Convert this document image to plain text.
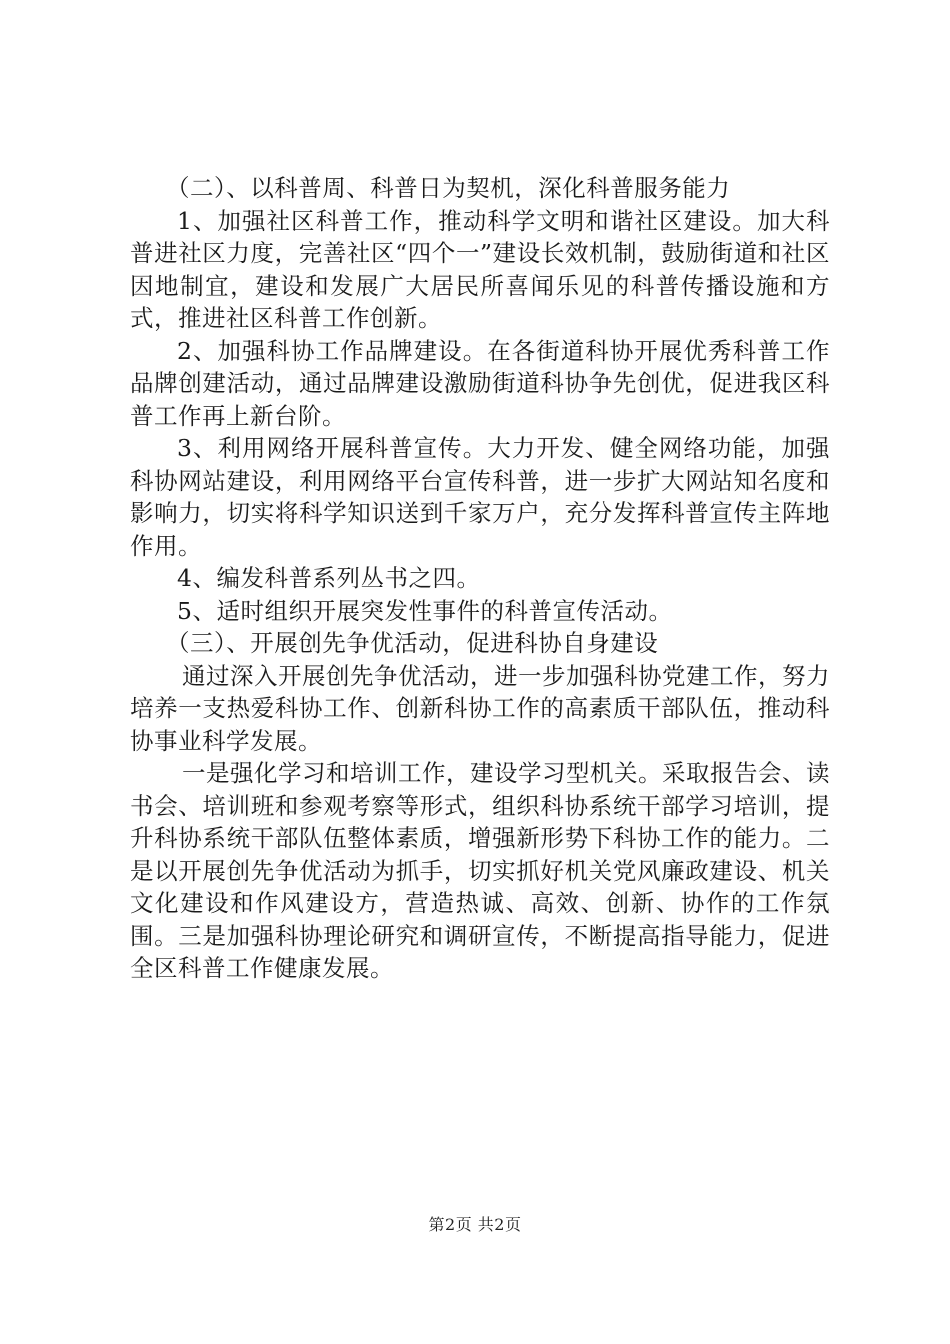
（二）、以科普周、科普日为契机，深化科普服务能力

1、加强社区科普工作，推动科学文明和谐社区建设。加大科普进社区力度，完善社区“四个一”建设长效机制，鼓励街道和社区因地制宜，建设和发展广大居民所喜闻乐见的科普传播设施和方式，推进社区科普工作创新。

2、加强科协工作品牌建设。在各街道科协开展优秀科普工作品牌创建活动，通过品牌建设激励街道科协争先创优，促进我区科普工作再上新台阶。

3、利用网络开展科普宣传。大力开发、健全网络功能，加强科协网站建设，利用网络平台宣传科普，进一步扩大网站知名度和影响力，切实将科学知识送到千家万户，充分发挥科普宣传主阵地作用。

4、编发科普系列丛书之四。

5、适时组织开展突发性事件的科普宣传活动。

（三）、开展创先争优活动，促进科协自身建设

通过深入开展创先争优活动，进一步加强科协党建工作，努力培养一支热爱科协工作、创新科协工作的高素质干部队伍，推动科协事业科学发展。

一是强化学习和培训工作，建设学习型机关。采取报告会、读书会、培训班和参观考察等形式，组织科协系统干部学习培训，提升科协系统干部队伍整体素质，增强新形势下科协工作的能力。二是以开展创先争优活动为抓手，切实抓好机关党风廉政建设、机关文化建设和作风建设方，营造热诚、高效、创新、协作的工作氛围。三是加强科协理论研究和调研宣传，不断提高指导能力，促进全区科普工作健康发展。

第2页 共2页
